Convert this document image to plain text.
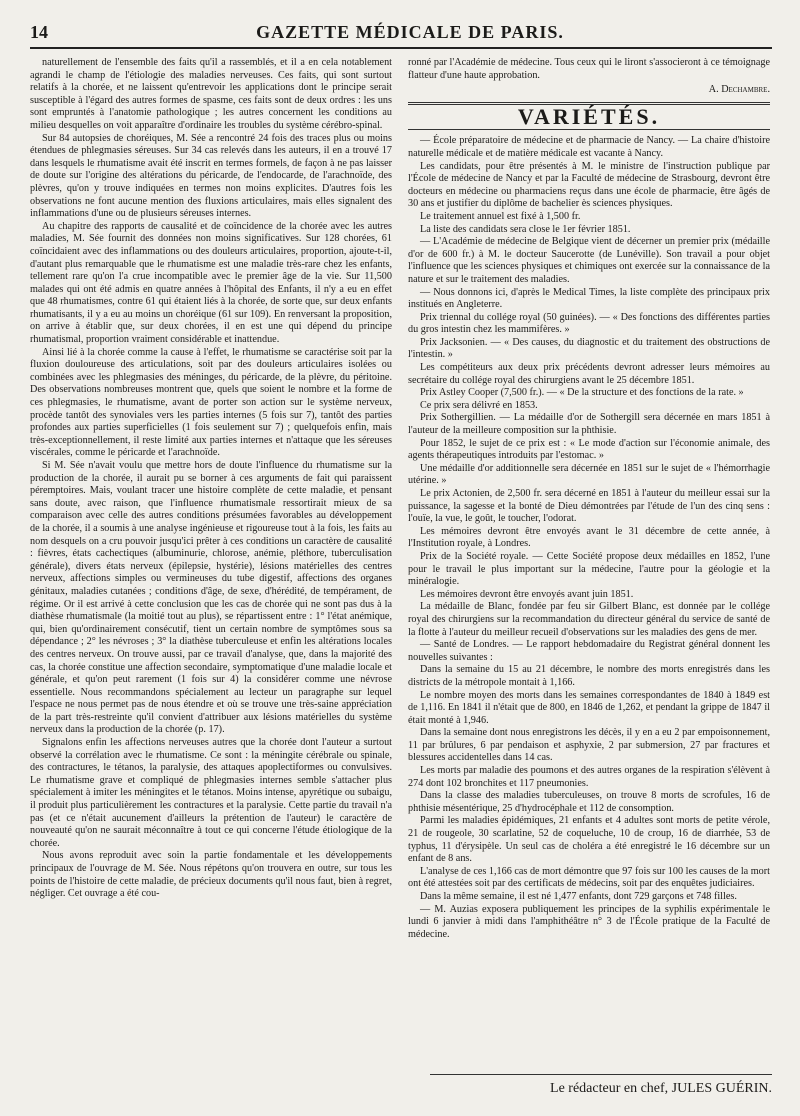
14	GAZETTE MÉDICALE DE PARIS.

naturellement de l'ensemble des faits qu'il a rassemblés, et il a en cela notablement agrandi le champ de l'étiologie des maladies nerveuses. Ces faits, qui sont surtout relatifs à la chorée, et ne laissent qu'entrevoir les applications dont le principe serait susceptible à l'égard des autres formes de spasme, ces faits sont de deux ordres : les uns sont empruntés à l'anatomie pathologique ; les autres concernent les conditions au milieu desquelles on voit apparaître d'ordinaire les troubles du système cérébro-spinal.

Sur 84 autopsies de choréiques, M. Sée a rencontré 24 fois des traces plus ou moins étendues de phlegmasies séreuses. Sur 34 cas relevés dans les auteurs, il en a trouvé 17 dans lesquels le rhumatisme avait été inscrit en termes formels, de façon à ne pas laisser de doute sur l'origine des altérations du péricarde, de l'endocarde, de l'arachnoïde, des plèvres, qu'on y trouve indiquées en termes non moins explicites. D'autres fois les observations ne font aucune mention des fluxions articulaires, mais elles signalent des inflammations d'une ou de plusieurs séreuses internes.

Au chapitre des rapports de causalité et de coïncidence de la chorée avec les autres maladies, M. Sée fournit des données non moins significatives. Sur 128 chorées, 61 coïncidaient avec des inflammations ou des douleurs articulaires, proportion, ajoute-t-il, d'autant plus remarquable que le rhumatisme est une maladie très-rare chez les enfants, tellement rare qu'on l'a crue incompatible avec le premier âge de la vie. Sur 11,500 malades qui ont été admis en quatre années à l'hôpital des Enfants, il n'y a eu en effet que 48 rhumatismes, contre 61 qui étaient liés à la chorée, de sorte que, sur deux enfants rhumatisants, il y a eu au moins un choréique (61 sur 109). En renversant la proposition, on arrive à établir que, sur deux chorées, il en est une qui dépend du principe rhumatismal, proportion vraiment considérable et inattendue.

Ainsi lié à la chorée comme la cause à l'effet, le rhumatisme se caractérise soit par la fluxion douloureuse des articulations, soit par des douleurs articulaires isolées ou combinées avec les phlegmasies des méninges, du péricarde, de la plèvre, du péritoine. Des observations nombreuses montrent que, quels que soient le nombre et la forme de ces phlegmasies, le rhumatisme, avant de porter son action sur le système nerveux, procède tantôt des synoviales vers les parties internes (5 fois sur 7), tantôt des parties profondes aux parties superficielles (1 fois seulement sur 7) ; quelquefois enfin, mais très-exceptionnellement, il reste limité aux parties internes et n'attaque que les séreuses viscérales, comme le péricarde et l'arachnoïde.

Si M. Sée n'avait voulu que mettre hors de doute l'influence du rhumatisme sur la production de la chorée, il aurait pu se borner à ces arguments de fait qui paraissent péremptoires. Mais, voulant tracer une histoire complète de cette maladie, et pensant sans doute, avec raison, que l'influence rhumatismale ressortirait mieux de sa comparaison avec celle des autres conditions présumées favorables au développement de la chorée, il a soumis à une analyse ingénieuse et rigoureuse tout à la fois, les faits au nom desquels on a cru pouvoir jusqu'ici prêter à ces conditions un caractère de causalité : fièvres, états cachectiques (albuminurie, chlorose, anémie, pléthore, tuberculisation générale), divers états nerveux (épilepsie, hystérie), lésions matérielles des centres nerveux, affections simples ou vermineuses du tube digestif, affections des organes génitaux, maladies cutanées ; conditions d'âge, de sexe, d'hérédité, de tempérament, de régime. Or il est arrivé à cette conclusion que les cas de chorée qui ne sont pas dus à la diathèse rhumatismale (la moitié tout au plus), se répartissent entre : 1° l'état anémique, qui, bien qu'ordinairement consécutif, tient un certain nombre de symptômes sous sa dépendance ; 2° les névroses ; 3° la diathèse tuberculeuse et enfin les altérations locales des centres nerveux. On trouve aussi, par ce travail d'analyse, que, dans la majorité des cas, la chorée constitue une affection secondaire, symptomatique d'une maladie locale et générale, et qu'on peut rarement (1 fois sur 4) la considérer comme une névrose essentielle. Nous recommandons spécialement au lecteur un paragraphe sur lequel l'espace ne nous permet pas de nous étendre et où se trouve une très-saine appréciation de la part très-restreinte qu'il convient d'attribuer aux lésions matérielles du système nerveux dans la production de la chorée (p. 17).

Signalons enfin les affections nerveuses autres que la chorée dont l'auteur a surtout observé la corrélation avec le rhumatisme. Ce sont : la méningite cérébrale ou spinale, des contractures, le tétanos, la paralysie, des attaques apoplectiformes ou convulsives. Le rhumatisme grave et compliqué de phlegmasies internes semble s'attacher plus spécialement à imiter les méningites et le tétanos. Moins intense, apyrétique ou subaigu, il produit plus particulièrement les contractures et la paralysie. Cette partie du travail n'a pas (et ce n'était aucunement d'ailleurs la prétention de l'auteur) le caractère de nouveauté qu'on ne saurait méconnaître à tout ce qui concerne l'étude étiologique de la chorée.

Nous avons reproduit avec soin la partie fondamentale et les développements principaux de l'ouvrage de M. Sée. Nous répétons qu'on trouvera en outre, sur tous les points de l'histoire de cette maladie, de précieux documents qu'il nous faut, bien à regret, négliger. Cet ouvrage a été cou-

ronné par l'Académie de médecine. Tous ceux qui le liront s'associeront à ce témoignage flatteur d'une haute approbation.

A. Dechambre.
VARIÉTÉS.

— École préparatoire de médecine et de pharmacie de Nancy. — La chaire d'histoire naturelle médicale et de matière médicale est vacante à Nancy.

Les candidats, pour être présentés à M. le ministre de l'instruction publique par l'École de médecine de Nancy et par la Faculté de médecine de Strasbourg, devront être docteurs en médecine ou pharmaciens reçus dans une école de pharmacie, être âgés de 30 ans et justifier du diplôme de bachelier ès sciences physiques.

Le traitement annuel est fixé à 1,500 fr.

La liste des candidats sera close le 1er février 1851.

— L'Académie de médecine de Belgique vient de décerner un premier prix (médaille d'or de 600 fr.) à M. le docteur Saucerotte (de Lunéville). Son travail a pour objet l'influence que les sciences physiques et chimiques ont exercée sur la connaissance de la nature et sur le traitement des maladies.

— Nous donnons ici, d'après le Medical Times, la liste complète des principaux prix institués en Angleterre.

Prix triennal du collége royal (50 guinées). — « Des fonctions des différentes parties du gros intestin chez les mammifères. »

Prix Jacksonien. — « Des causes, du diagnostic et du traitement des obstructions de l'intestin. »

Les compétiteurs aux deux prix précédents devront adresser leurs mémoires au secrétaire du collége royal des chirurgiens avant le 25 décembre 1851.

Prix Astley Cooper (7,500 fr.). — « De la structure et des fonctions de la rate. »

Ce prix sera délivré en 1853.

Prix Sothergillien. — La médaille d'or de Sothergill sera décernée en mars 1851 à l'auteur de la meilleure composition sur la phthisie.

Pour 1852, le sujet de ce prix est : « Le mode d'action sur l'économie animale, des agents thérapeutiques introduits par l'estomac. »

Une médaille d'or additionnelle sera décernée en 1851 sur le sujet de « l'hémorrhagie utérine. »

Le prix Actonien, de 2,500 fr. sera décerné en 1851 à l'auteur du meilleur essai sur la puissance, la sagesse et la bonté de Dieu démontrées par l'étude de l'un des cinq sens : l'ouïe, la vue, le goût, le toucher, l'odorat.

Les mémoires devront être envoyés avant le 31 décembre de cette année, à l'Institution royale, à Londres.

Prix de la Société royale. — Cette Société propose deux médailles en 1852, l'une pour le travail le plus important sur la médecine, l'autre pour la géologie et la minéralogie.

Les mémoires devront être envoyés avant juin 1851.

La médaille de Blanc, fondée par feu sir Gilbert Blanc, est donnée par le collége royal des chirurgiens sur la recommandation du directeur général du service de santé de la flotte à l'auteur du meilleur recueil d'observations sur les maladies des gens de mer.

— Santé de Londres. — Le rapport hebdomadaire du Registrat général donnent les nouvelles suivantes :

Dans la semaine du 15 au 21 décembre, le nombre des morts enregistrés dans les districts de la métropole montait à 1,166.

Le nombre moyen des morts dans les semaines correspondantes de 1840 à 1849 est de 1,116. En 1841 il n'était que de 800, en 1846 de 1,262, et pendant la grippe de 1847 il était monté à 1,946.

Dans la semaine dont nous enregistrons les décès, il y en a eu 2 par empoisonnement, 11 par brûlures, 6 par pendaison et asphyxie, 2 par submersion, 27 par fractures et blessures accidentelles dans 14 cas.

Les morts par maladie des poumons et des autres organes de la respiration s'élèvent à 274 dont 102 bronchites et 117 pneumonies.

Dans la classe des maladies tuberculeuses, on trouve 8 morts de scrofules, 16 de phthisie mésentérique, 25 d'hydrocéphale et 112 de consomption.

Parmi les maladies épidémiques, 21 enfants et 4 adultes sont morts de petite vérole, 21 de rougeole, 30 scarlatine, 52 de coqueluche, 10 de croup, 16 de diarrhée, 53 de typhus, 11 d'érysipèle. Un seul cas de choléra a été enregistré le 16 décembre sur un enfant de 8 ans.

L'analyse de ces 1,166 cas de mort démontre que 97 fois sur 100 les causes de la mort ont été attestées soit par des certificats de médecins, soit par des enquêtes judiciaires.

Dans la même semaine, il est né 1,477 enfants, dont 729 garçons et 748 filles.

— M. Auzias exposera publiquement les principes de la syphilis expérimentale le lundi 6 janvier à midi dans l'amphithéâtre n° 3 de l'École pratique de la Faculté de médecine.

Le rédacteur en chef, JULES GUÉRIN.
